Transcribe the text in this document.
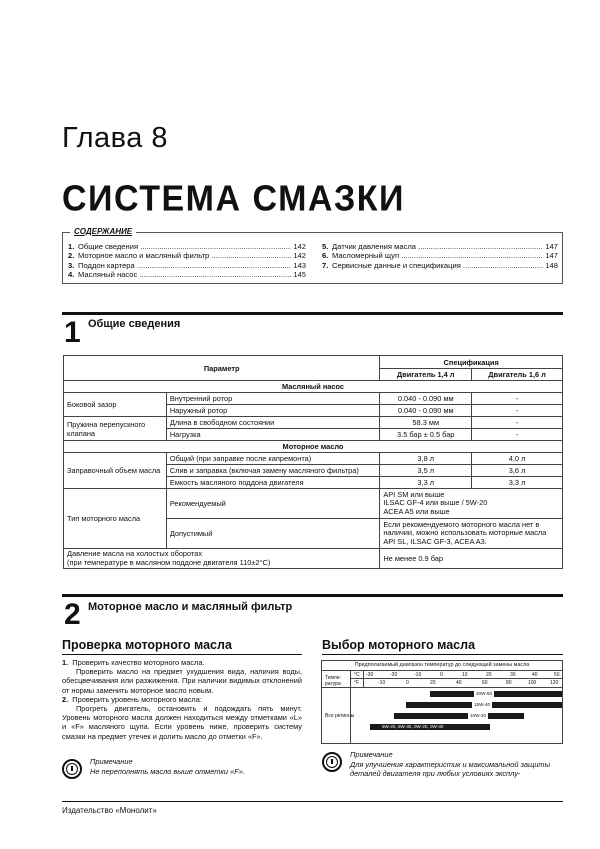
Глава 8
СИСТЕМА СМАЗКИ
СОДЕРЖАНИЕ
1. Общие сведения .....	142
2. Моторное масло и масляный фильтр .....	142
3. Поддон картера .....	143
4. Масляный насос .....	145
5. Датчик давления масла .....	147
6. Масломерный щуп .....	147
7. Сервисные данные и спецификация .....	148
1 Общие сведения
Параметр		Спецификация	
		Двигатель 1,4 л	Двигатель 1,6 л
Масляный насос			
Боковой зазор	Внутренний ротор	0.040 - 0.090 мм	-
	Наружный ротор	0.040 - 0.090 мм	-
Пружина перепускного клапана	Длина в свободном состоянии	58.3 мм	-
	Нагрузка	3.5 бар ± 0.5 бар	-
Моторное масло			
Заправочный объем масла	Общий (при заправке после капремонта)	3,8 л	4,0 л
	Слив и заправка (включая замену масляного фильтра)	3,5 л	3,6 л
	Емкость масляного поддона двигателя	3,3 л	3,3 л
Тип моторного масла	Рекомендуемый	API SM или выше
ILSAC GF-4 или выше / 5W-20
ACEA A5 или выше	
	Допустимый	Если рекомендуемого моторного масла нет в наличии, можно использовать моторные масла API SL, ILSAC GF-3, ACEA A3.	
Давление масла на холостых оборотах
(при температуре в масляном поддоне двигателя 110±2°C)		Не менее 0.9 бар	
2 Моторное масло и масляный фильтр
Проверка моторного масла
1. Проверить качество моторного масла.
Проверить масло на предмет ухудшения вида, наличия воды, обесцвечивания или разжижения. При наличии видимых отклонений от нормы заменить моторное масло новым.
2. Проверить уровень моторного масла:
Прогреть двигатель, остановить и подождать пять минут. Уровень моторного масла должен находиться между отметками «L» и «F» масляного щупа. Если уровень ниже, проверить систему смазки на предмет утечек и долить масло до отметки «F».
Примечание
Не переполнять масло выше отметки «F».
Выбор моторного масла
Предполагаемый диапазон температур до следующей замены масла
Темпе-ратура
°C
°F
-30	-20	-10	0	10	20	30	40	50
-10	0	20	40	60	80	100	120
Все регионы
20W-50
15W-40
10W-30
5W-20, 5W-30, 0W-20, 0W-30
Примечание
Для улучшения характеристик и максимальной защиты деталей двигателя при любых условиях эксплу-
Издательство «Монолит»
